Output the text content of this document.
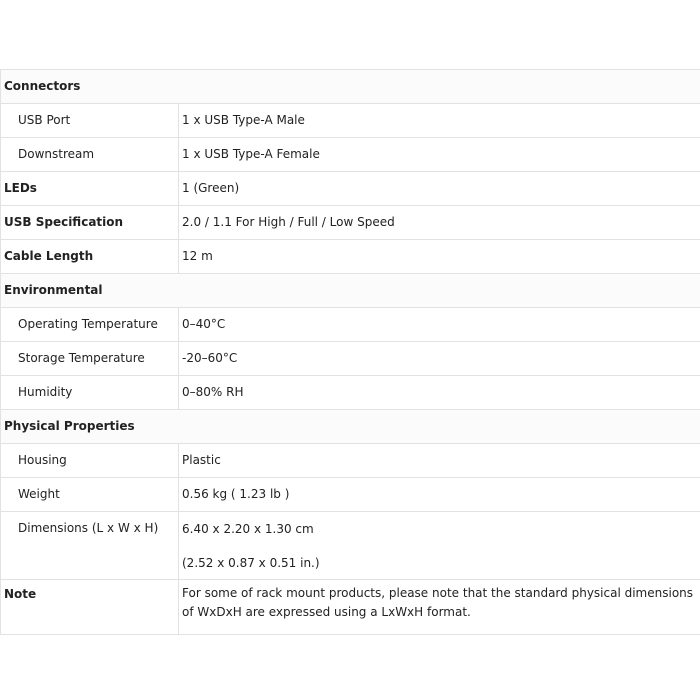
Connectors	
USB Port	1 x USB Type-A Male
Downstream	1 x USB Type-A Female
LEDs	1 (Green)
USB Specification	2.0 / 1.1 For High / Full / Low Speed
Cable Length	12 m
Environmental	
Operating Temperature	0–40°C
Storage Temperature	-20–60°C
Humidity	0–80% RH
Physical Properties	
Housing	Plastic
Weight	0.56 kg ( 1.23 lb )
Dimensions (L x W x H)	6.40 x 2.20 x 1.30 cm
(2.52 x 0.87 x 0.51 in.)

Note	For some of rack mount products, please note that the standard physical dimensions of WxDxH are expressed using a LxWxH format.
